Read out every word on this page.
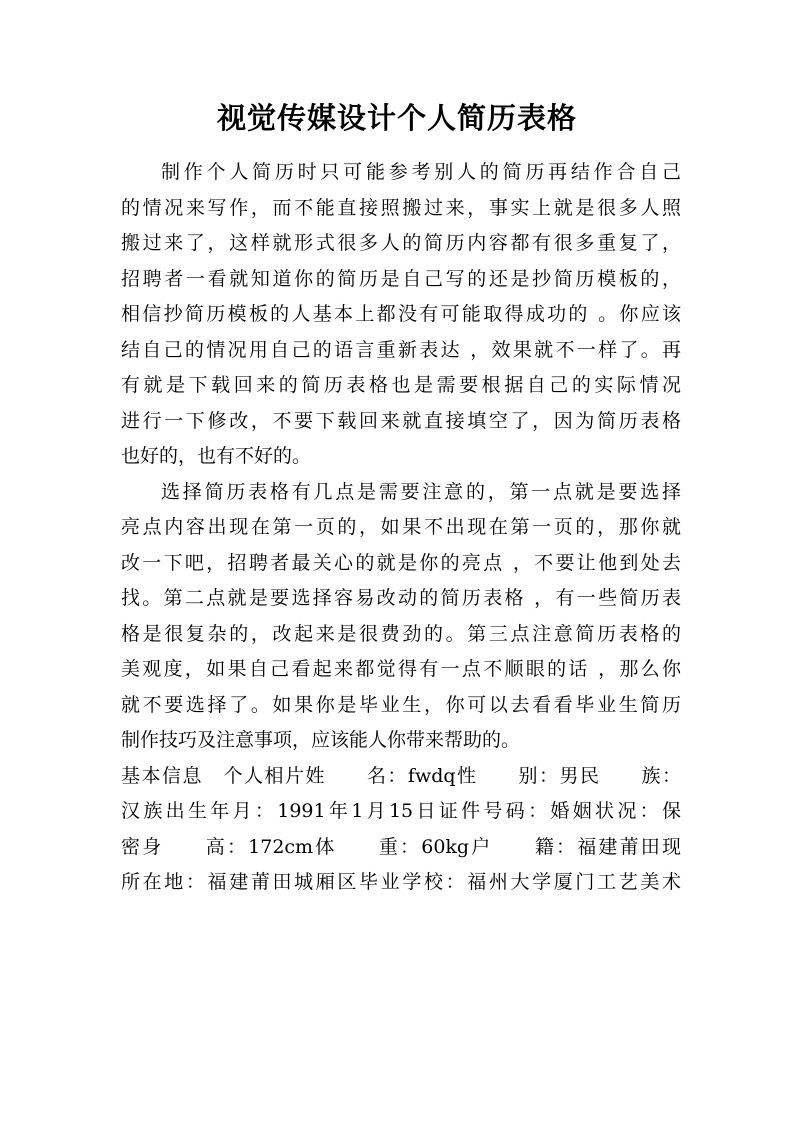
视觉传媒设计个人简历表格
制作个人简历时只可能参考别人的简历再结作合自己
的情况来写作，而不能直接照搬过来，事实上就是很多人照
搬过来了，这样就形式很多人的简历内容都有很多重复了，
招聘者一看就知道你的简历是自己写的还是抄简历模板的，
相信抄简历模板的人基本上都没有可能取得成功的 。你应该
结自己的情况用自己的语言重新表达 ，效果就不一样了。再
有就是下载回来的简历表格也是需要根据自己的实际情况
进行一下修改，不要下载回来就直接填空了，因为简历表格
也好的，也有不好的。
选择简历表格有几点是需要注意的，第一点就是要选择
亮点内容出现在第一页的，如果不出现在第一页的，那你就
改一下吧，招聘者最关心的就是你的亮点 ，不要让他到处去
找。第二点就是要选择容易改动的简历表格 ，有一些简历表
格是很复杂的，改起来是很费劲的。第三点注意简历表格的
美观度，如果自己看起来都觉得有一点不顺眼的话 ，那么你
就不要选择了。如果你是毕业生，你可以去看看毕业生简历
制作技巧及注意事项，应该能人你带来帮助的。
基本信息　个人相片姓　　名：fwdq性　　别：男民　　族：
汉族出生年月：1991年1月15日证件号码：婚姻状况：保
密身　　高：172cm体　　重：60kg户　　籍：福建莆田现
所在地：福建莆田城厢区毕业学校：福州大学厦门工艺美术
